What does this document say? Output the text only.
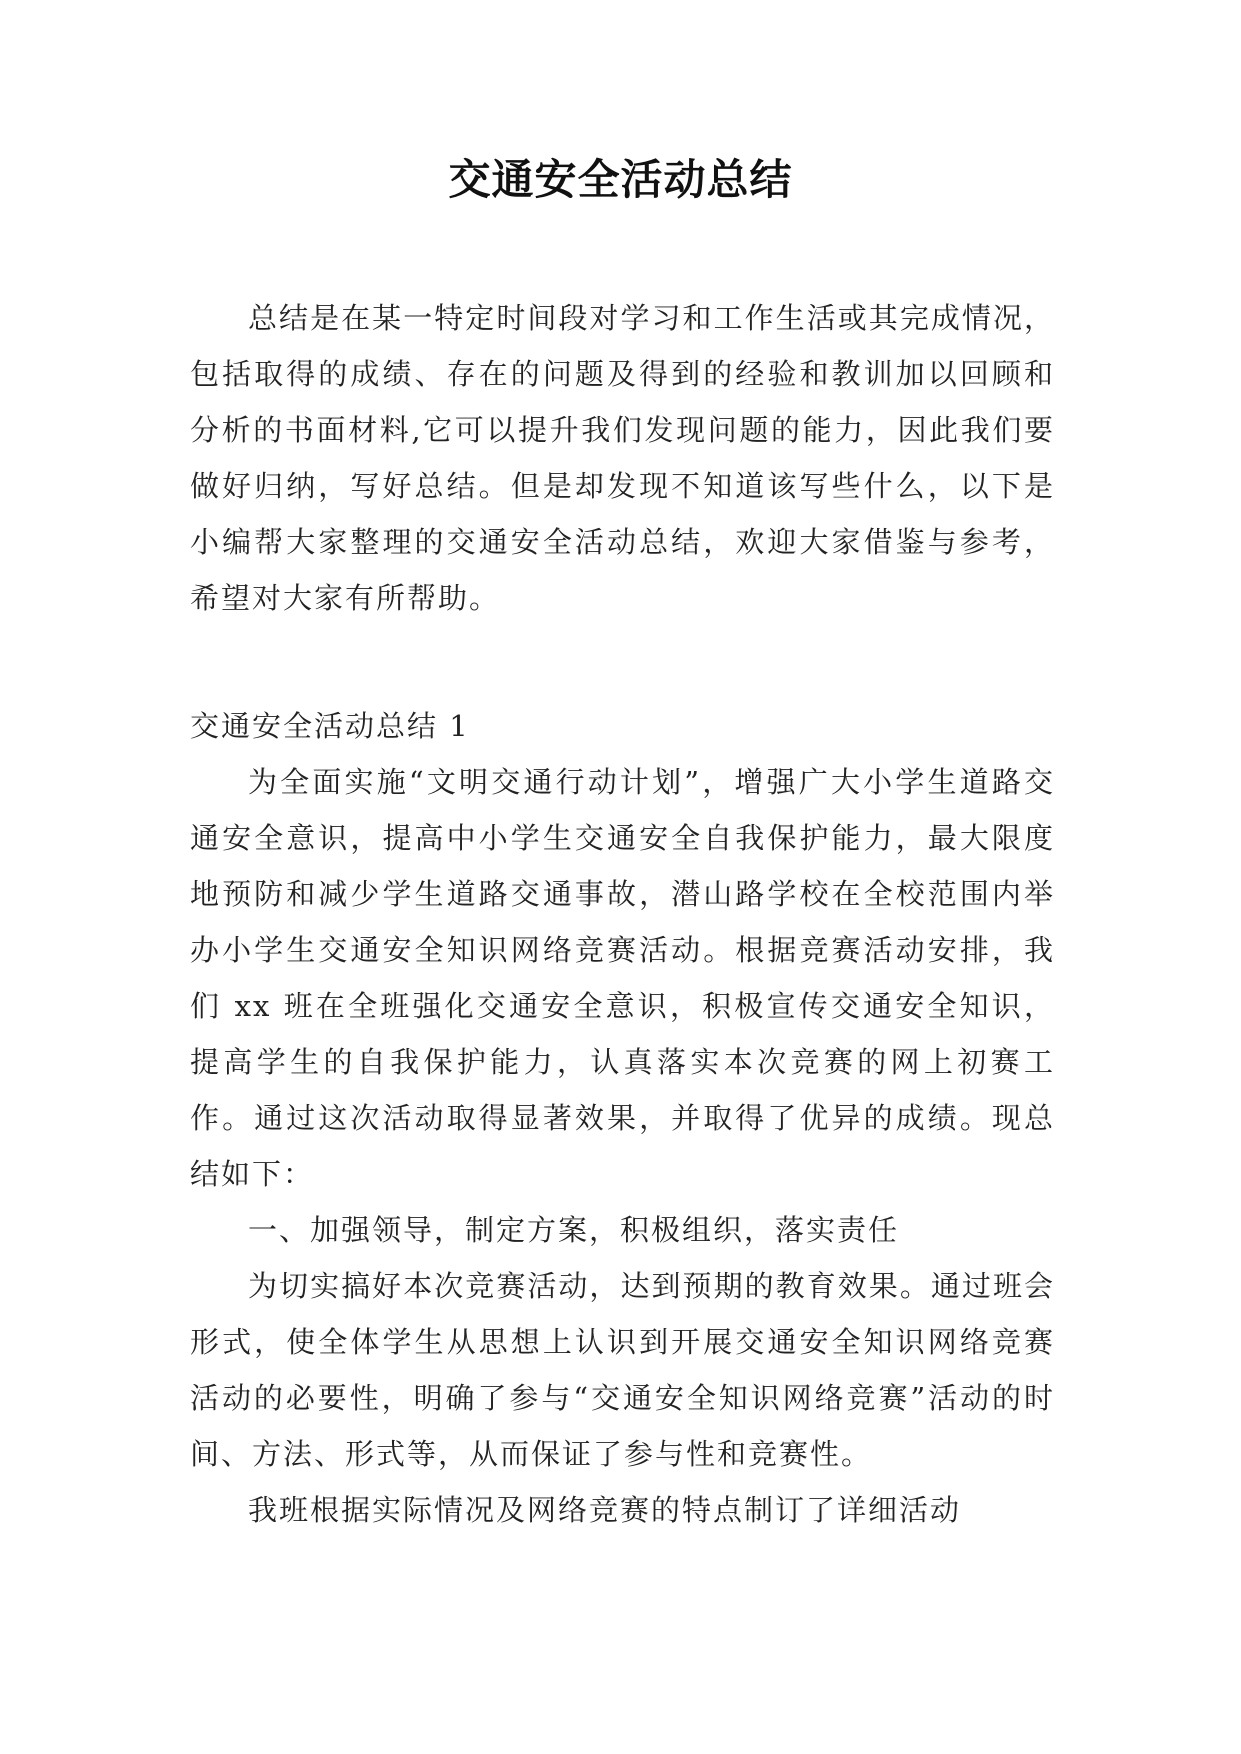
交通安全活动总结

总结是在某一特定时间段对学习和工作生活或其完成情况，包括取得的成绩、存在的问题及得到的经验和教训加以回顾和分析的书面材料,它可以提升我们发现问题的能力，因此我们要做好归纳，写好总结。但是却发现不知道该写些什么，以下是小编帮大家整理的交通安全活动总结，欢迎大家借鉴与参考，希望对大家有所帮助。

交通安全活动总结 1

为全面实施“文明交通行动计划”，增强广大小学生道路交通安全意识，提高中小学生交通安全自我保护能力，最大限度地预防和减少学生道路交通事故，潜山路学校在全校范围内举办小学生交通安全知识网络竞赛活动。根据竞赛活动安排，我们 xx 班在全班强化交通安全意识，积极宣传交通安全知识，提高学生的自我保护能力，认真落实本次竞赛的网上初赛工作。通过这次活动取得显著效果，并取得了优异的成绩。现总结如下：

一、加强领导，制定方案，积极组织，落实责任

为切实搞好本次竞赛活动，达到预期的教育效果。通过班会形式，使全体学生从思想上认识到开展交通安全知识网络竞赛活动的必要性，明确了参与“交通安全知识网络竞赛”活动的时间、方法、形式等，从而保证了参与性和竞赛性。

我班根据实际情况及网络竞赛的特点制订了详细活动
